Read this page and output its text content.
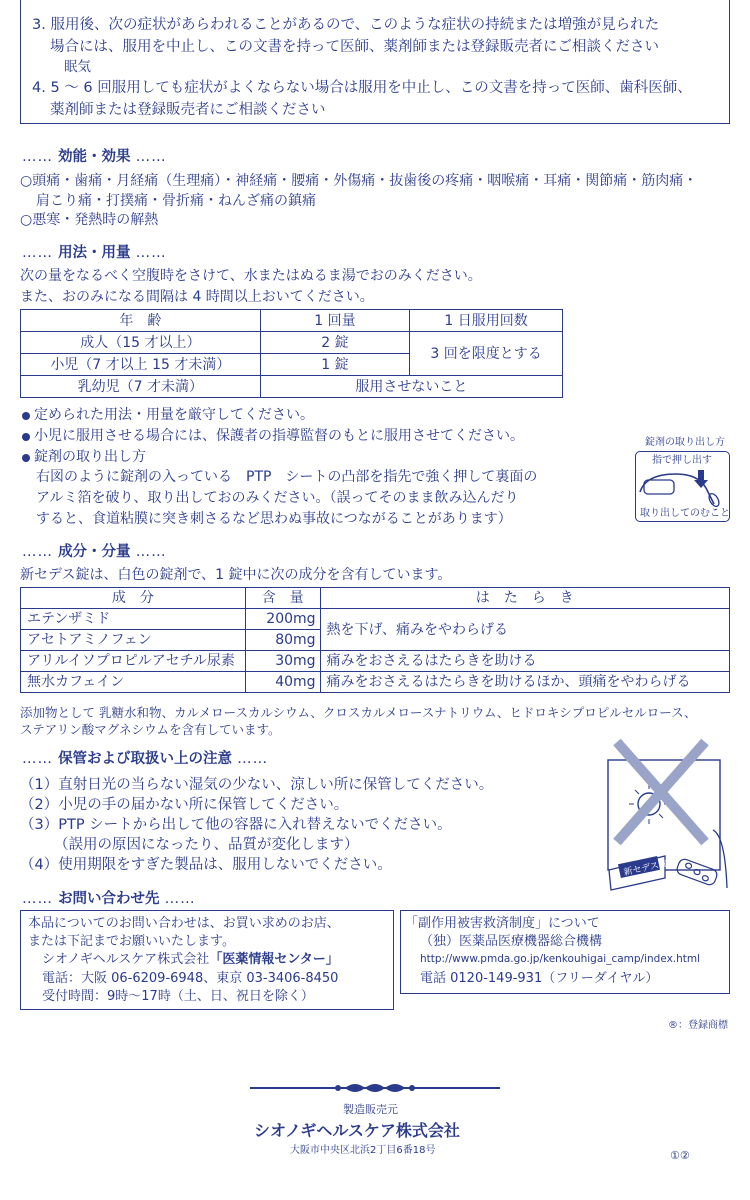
3. 服用後、次の症状があらわれることがあるので、このような症状の持続または増強が見られた
場合には、服用を中止し、この文書を持って医師、薬剤師または登録販売者にご相談ください
眠気
4. 5 ～ 6 回服用しても症状がよくならない場合は服用を中止し、この文書を持って医師、歯科医師、
薬剤師または登録販売者にご相談ください
…… 効能・効果 ……
○頭痛・歯痛・月経痛（生理痛）・神経痛・腰痛・外傷痛・抜歯後の疼痛・咽喉痛・耳痛・関節痛・筋肉痛・
肩こり痛・打撲痛・骨折痛・ねんざ痛の鎮痛
○悪寒・発熱時の解熱
…… 用法・用量 ……
次の量をなるべく空腹時をさけて、水またはぬるま湯でおのみください。
また、おのみになる間隔は 4 時間以上おいてください。
年　齢	1 回量	1 日服用回数
成人（15 才以上）	2 錠	3 回を限度とする
小児（7 才以上 15 才未満）	1 錠	
乳幼児（7 才未満）	服用させないこと	
定められた用法・用量を厳守してください。
小児に服用させる場合には、保護者の指導監督のもとに服用させてください。
錠剤の取り出し方
右図のように錠剤の入っている　PTP　シートの凸部を指先で強く押して裏面の
アルミ箔を破り、取り出しておのみください。（誤ってそのまま飲み込んだり
すると、食道粘膜に突き刺さるなど思わぬ事故につながることがあります）
錠剤の取り出し方
指で押し出す
取り出してのむこと
…… 成分・分量 ……
新セデス錠は、白色の錠剤で、1 錠中に次の成分を含有しています。
成　分	含　量	は　た　ら　き
エテンザミド	200mg	熱を下げ、痛みをやわらげる
アセトアミノフェン	80mg	
アリルイソプロピルアセチル尿素	30mg	痛みをおさえるはたらきを助ける
無水カフェイン	40mg	痛みをおさえるはたらきを助けるほか、頭痛をやわらげる
添加物として 乳糖水和物、カルメロースカルシウム、クロスカルメロースナトリウム、ヒドロキシプロピルセルロース、
ステアリン酸マグネシウムを含有しています。
…… 保管および取扱い上の注意 ……
（1）直射日光の当らない湿気の少ない、涼しい所に保管してください。
（2）小児の手の届かない所に保管してください。
（3）PTP シートから出して他の容器に入れ替えないでください。
（誤用の原因になったり、品質が変化します）
（4）使用期限をすぎた製品は、服用しないでください。	新セデス錠
…… お問い合わせ先 ……
本品についてのお問い合わせは、お買い求めのお店、
または下記までお願いいたします。
シオノギヘルスケア株式会社「医薬情報センター」
電話：大阪 06-6209-6948、東京 03-3406-8450
受付時間：9時～17時（土、日、祝日を除く）
「副作用被害救済制度」について
（独）医薬品医療機器総合機構
http://www.pmda.go.jp/kenkouhigai_camp/index.html
電話 0120-149-931（フリーダイヤル）
®：登録商標
製造販売元
シオノギヘルスケア株式会社
大阪市中央区北浜2丁目6番18号	①②
